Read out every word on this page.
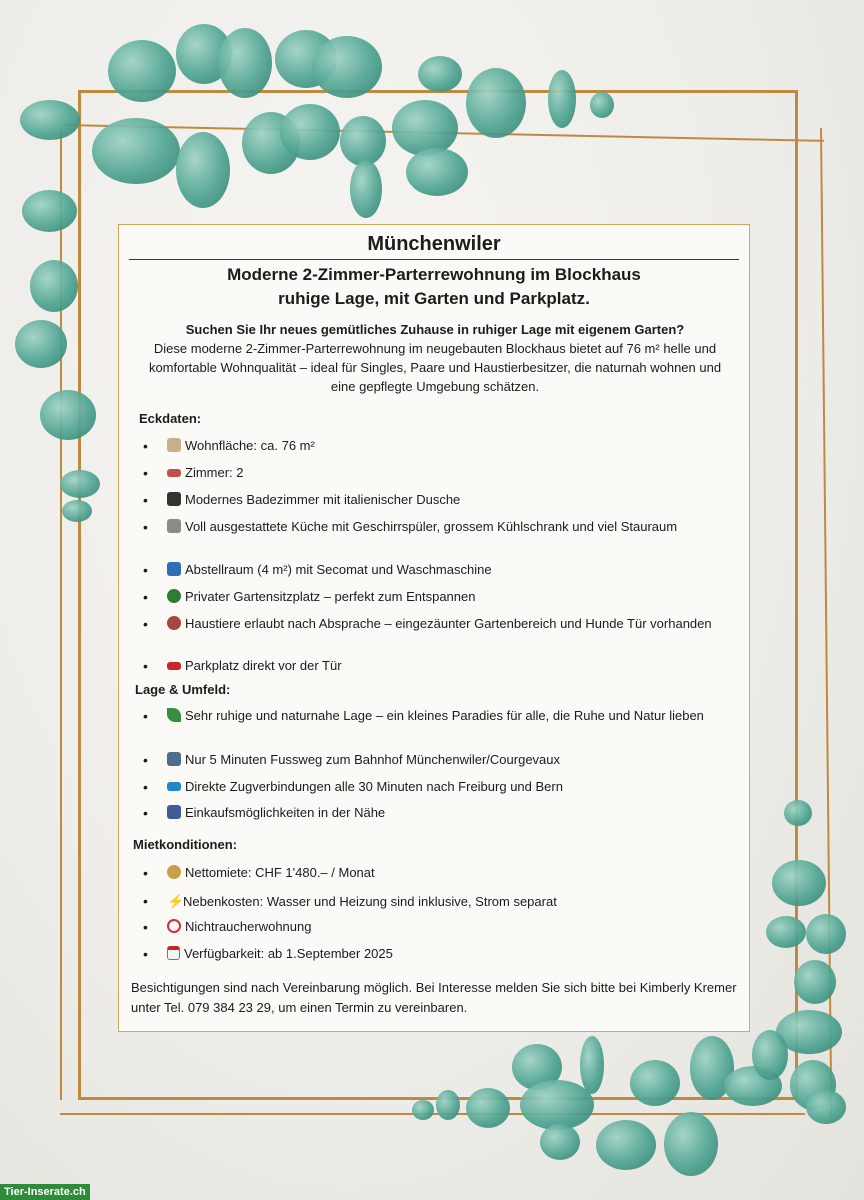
Münchenwiler
Moderne 2-Zimmer-Parterrewohnung im Blockhaus
ruhige Lage, mit Garten und Parkplatz.
Suchen Sie Ihr neues gemütliches Zuhause in ruhiger Lage mit eigenem Garten?
Diese moderne 2-Zimmer-Parterrewohnung im neugebauten Blockhaus bietet auf 76 m² helle und komfortable Wohnqualität – ideal für Singles, Paare und Haustierbesitzer, die naturnah wohnen und eine gepflegte Umgebung schätzen.
Eckdaten:
•	Wohnfläche: ca. 76 m²
•	Zimmer: 2
•	Modernes Badezimmer mit italienischer Dusche
•	Voll ausgestattete Küche mit Geschirrspüler, grossem Kühlschrank und viel Stauraum
•	Abstellraum (4 m²) mit Secomat und Waschmaschine
•	Privater Gartensitzplatz – perfekt zum Entspannen
•	Haustiere erlaubt nach Absprache – eingezäunter Gartenbereich und Hunde Tür vorhanden
•	Parkplatz direkt vor der Tür
Lage & Umfeld:
•	Sehr ruhige und naturnahe Lage – ein kleines Paradies für alle, die Ruhe und Natur lieben
•	Nur 5 Minuten Fussweg zum Bahnhof Münchenwiler/Courgevaux
•	Direkte Zugverbindungen alle 30 Minuten nach Freiburg und Bern
•	Einkaufsmöglichkeiten in der Nähe
Mietkonditionen:
•	Nettomiete: CHF 1'480.– / Monat
• ⚡Nebenkosten: Wasser und Heizung sind inklusive, Strom separat
•	Nichtraucherwohnung
•	Verfügbarkeit: ab 1.September 2025
Besichtigungen sind nach Vereinbarung möglich. Bei Interesse melden Sie sich bitte bei Kimberly Kremer unter Tel. 079 384 23 29, um einen Termin zu vereinbaren.
Tier-Inserate.ch
